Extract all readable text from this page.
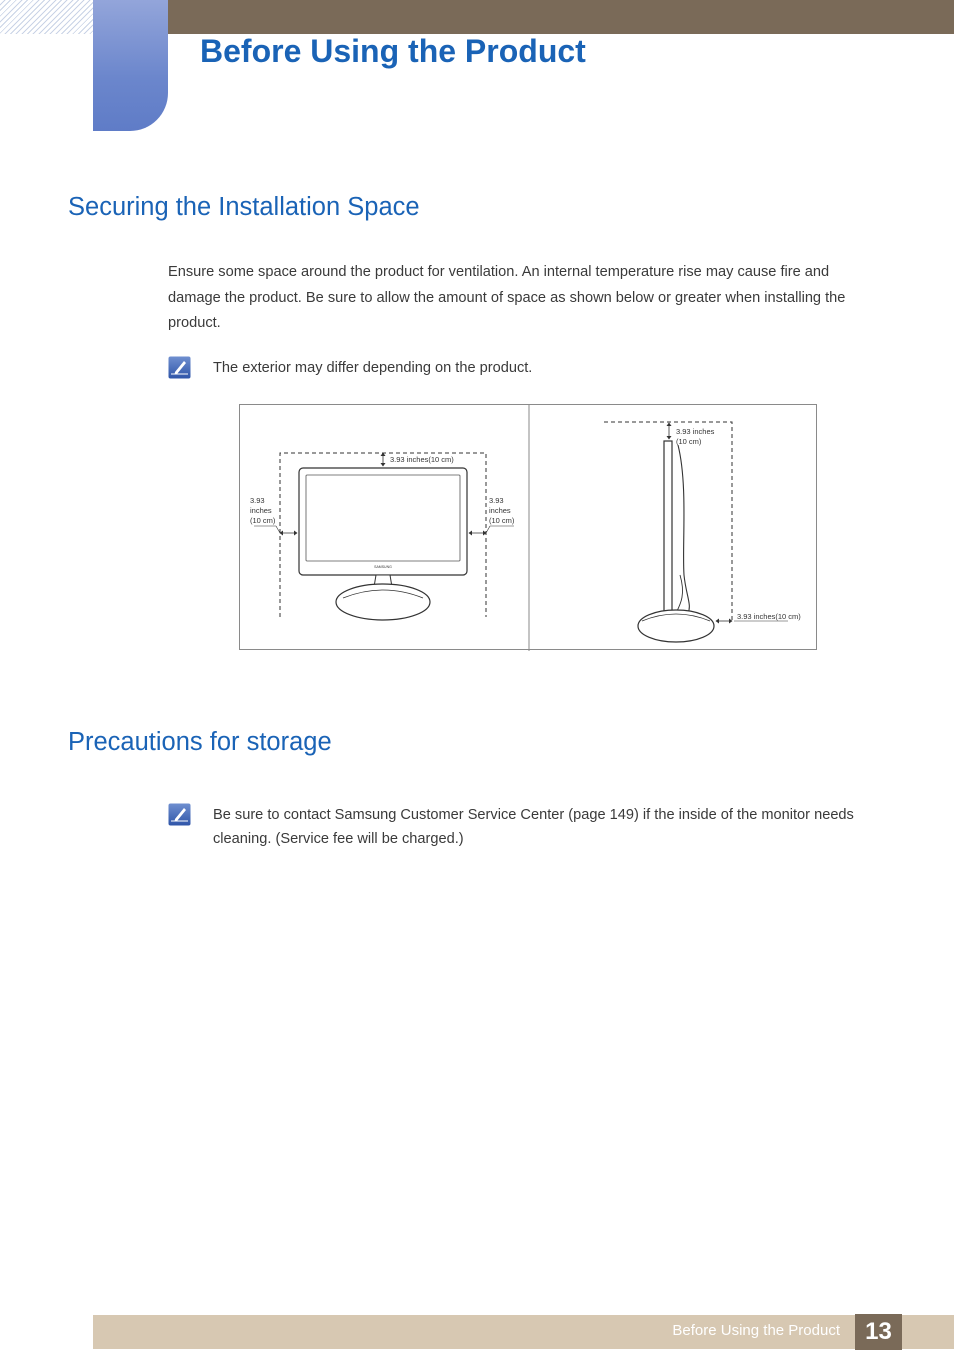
Before Using the Product
Securing the Installation Space

Ensure some space around the product for ventilation. An internal temperature rise may cause fire and damage the product. Be sure to allow the amount of space as shown below or greater when installing the product.

The exterior may differ depending on the product.

SAMSUNG
3.93 inches(10 cm)
3.93
inches
(10 cm)
3.93
inches
(10 cm)
3.93 inches
(10 cm)
3.93 inches(10 cm)
Precautions for storage

Be sure to contact Samsung Customer Service Center (page 149) if the inside of the monitor needs cleaning. (Service fee will be charged.)

Before Using the Product	13
